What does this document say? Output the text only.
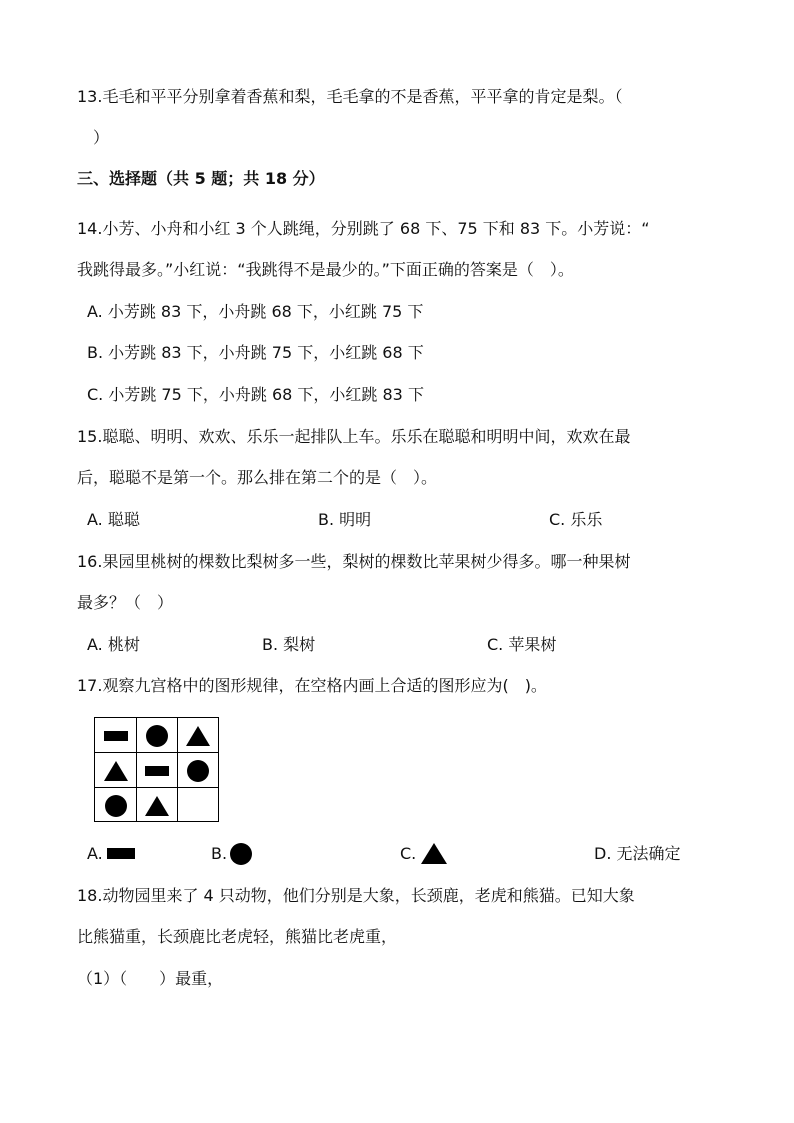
13.毛毛和平平分别拿着香蕉和梨，毛毛拿的不是香蕉，平平拿的肯定是梨。（
）
三、选择题（共 5 题；共 18 分）
14.小芳、小舟和小红 3 个人跳绳，分别跳了 68 下、75 下和 83 下。小芳说：“
我跳得最多。”小红说：“我跳得不是最少的。”下面正确的答案是（　）。
A. 小芳跳 83 下，小舟跳 68 下，小红跳 75 下
B. 小芳跳 83 下，小舟跳 75 下，小红跳 68 下
C. 小芳跳 75 下，小舟跳 68 下，小红跳 83 下
15.聪聪、明明、欢欢、乐乐一起排队上车。乐乐在聪聪和明明中间，欢欢在最
后，聪聪不是第一个。那么排在第二个的是（　）。
A. 聪聪	B. 明明	C. 乐乐
16.果园里桃树的棵数比梨树多一些，梨树的棵数比苹果树少得多。哪一种果树
最多？（　）
A. 桃树	B. 梨树	C. 苹果树
17.观察九宫格中的图形规律，在空格内画上合适的图形应为(　)。
A.	B.	C.	D. 无法确定
18.动物园里来了 4 只动物，他们分别是大象，长颈鹿，老虎和熊猫。已知大象
比熊猫重，长颈鹿比老虎轻，熊猫比老虎重，
（1）（　　）最重，
